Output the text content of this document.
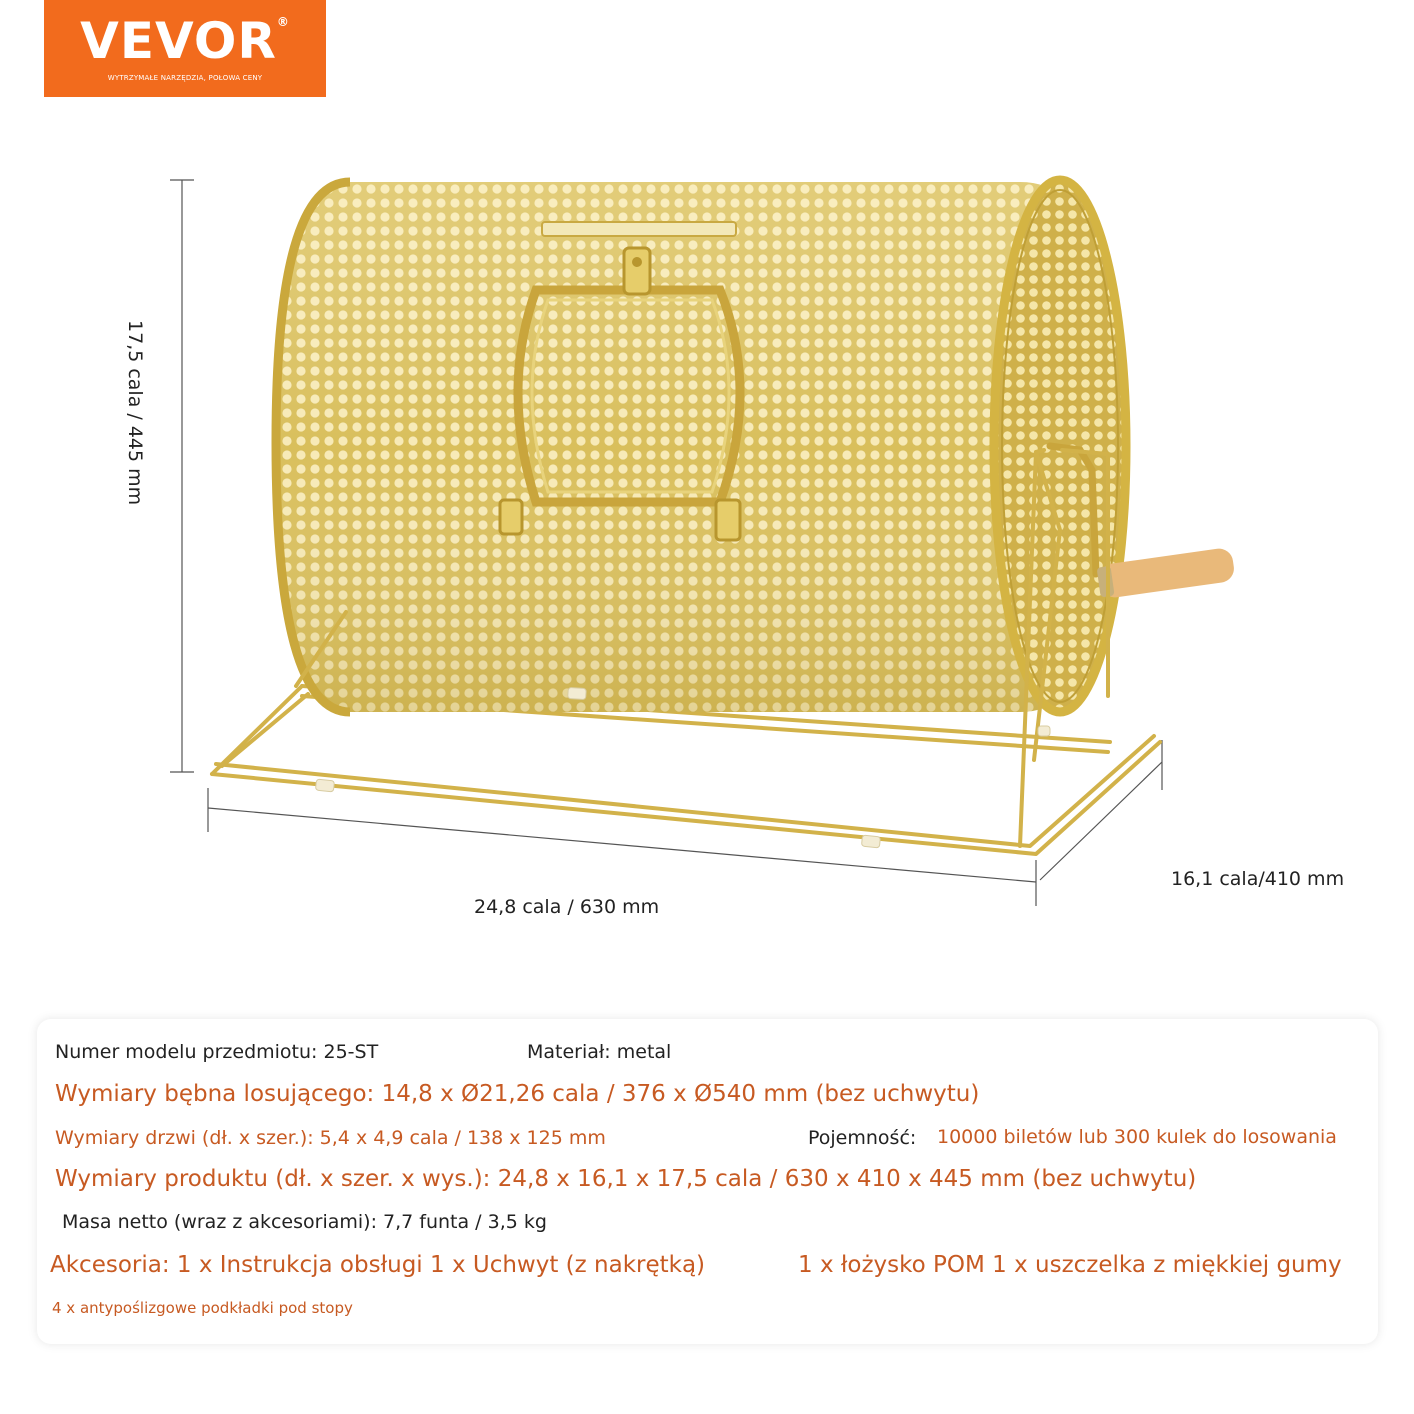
VEVOR®
WYTRZYMAŁE NARZĘDZIA, POŁOWA CENY
17,5 cala / 445 mm
24,8 cala / 630 mm
16,1 cala/410 mm
Numer modelu przedmiotu: 25-ST	Materiał: metal
Wymiary bębna losującego: 14,8 x Ø21,26 cala / 376 x Ø540 mm (bez uchwytu)
Wymiary drzwi (dł. x szer.): 5,4 x 4,9 cala / 138 x 125 mm	Pojemność: 10000 biletów lub 300 kulek do losowania
Wymiary produktu (dł. x szer. x wys.): 24,8 x 16,1 x 17,5 cala / 630 x 410 x 445 mm (bez uchwytu)
Masa netto (wraz z akcesoriami): 7,7 funta / 3,5 kg
Akcesoria: 1 x Instrukcja obsługi 1 x Uchwyt (z nakrętką)	1 x łożysko POM 1 x uszczelka z miękkiej gumy
4 x antypoślizgowe podkładki pod stopy
